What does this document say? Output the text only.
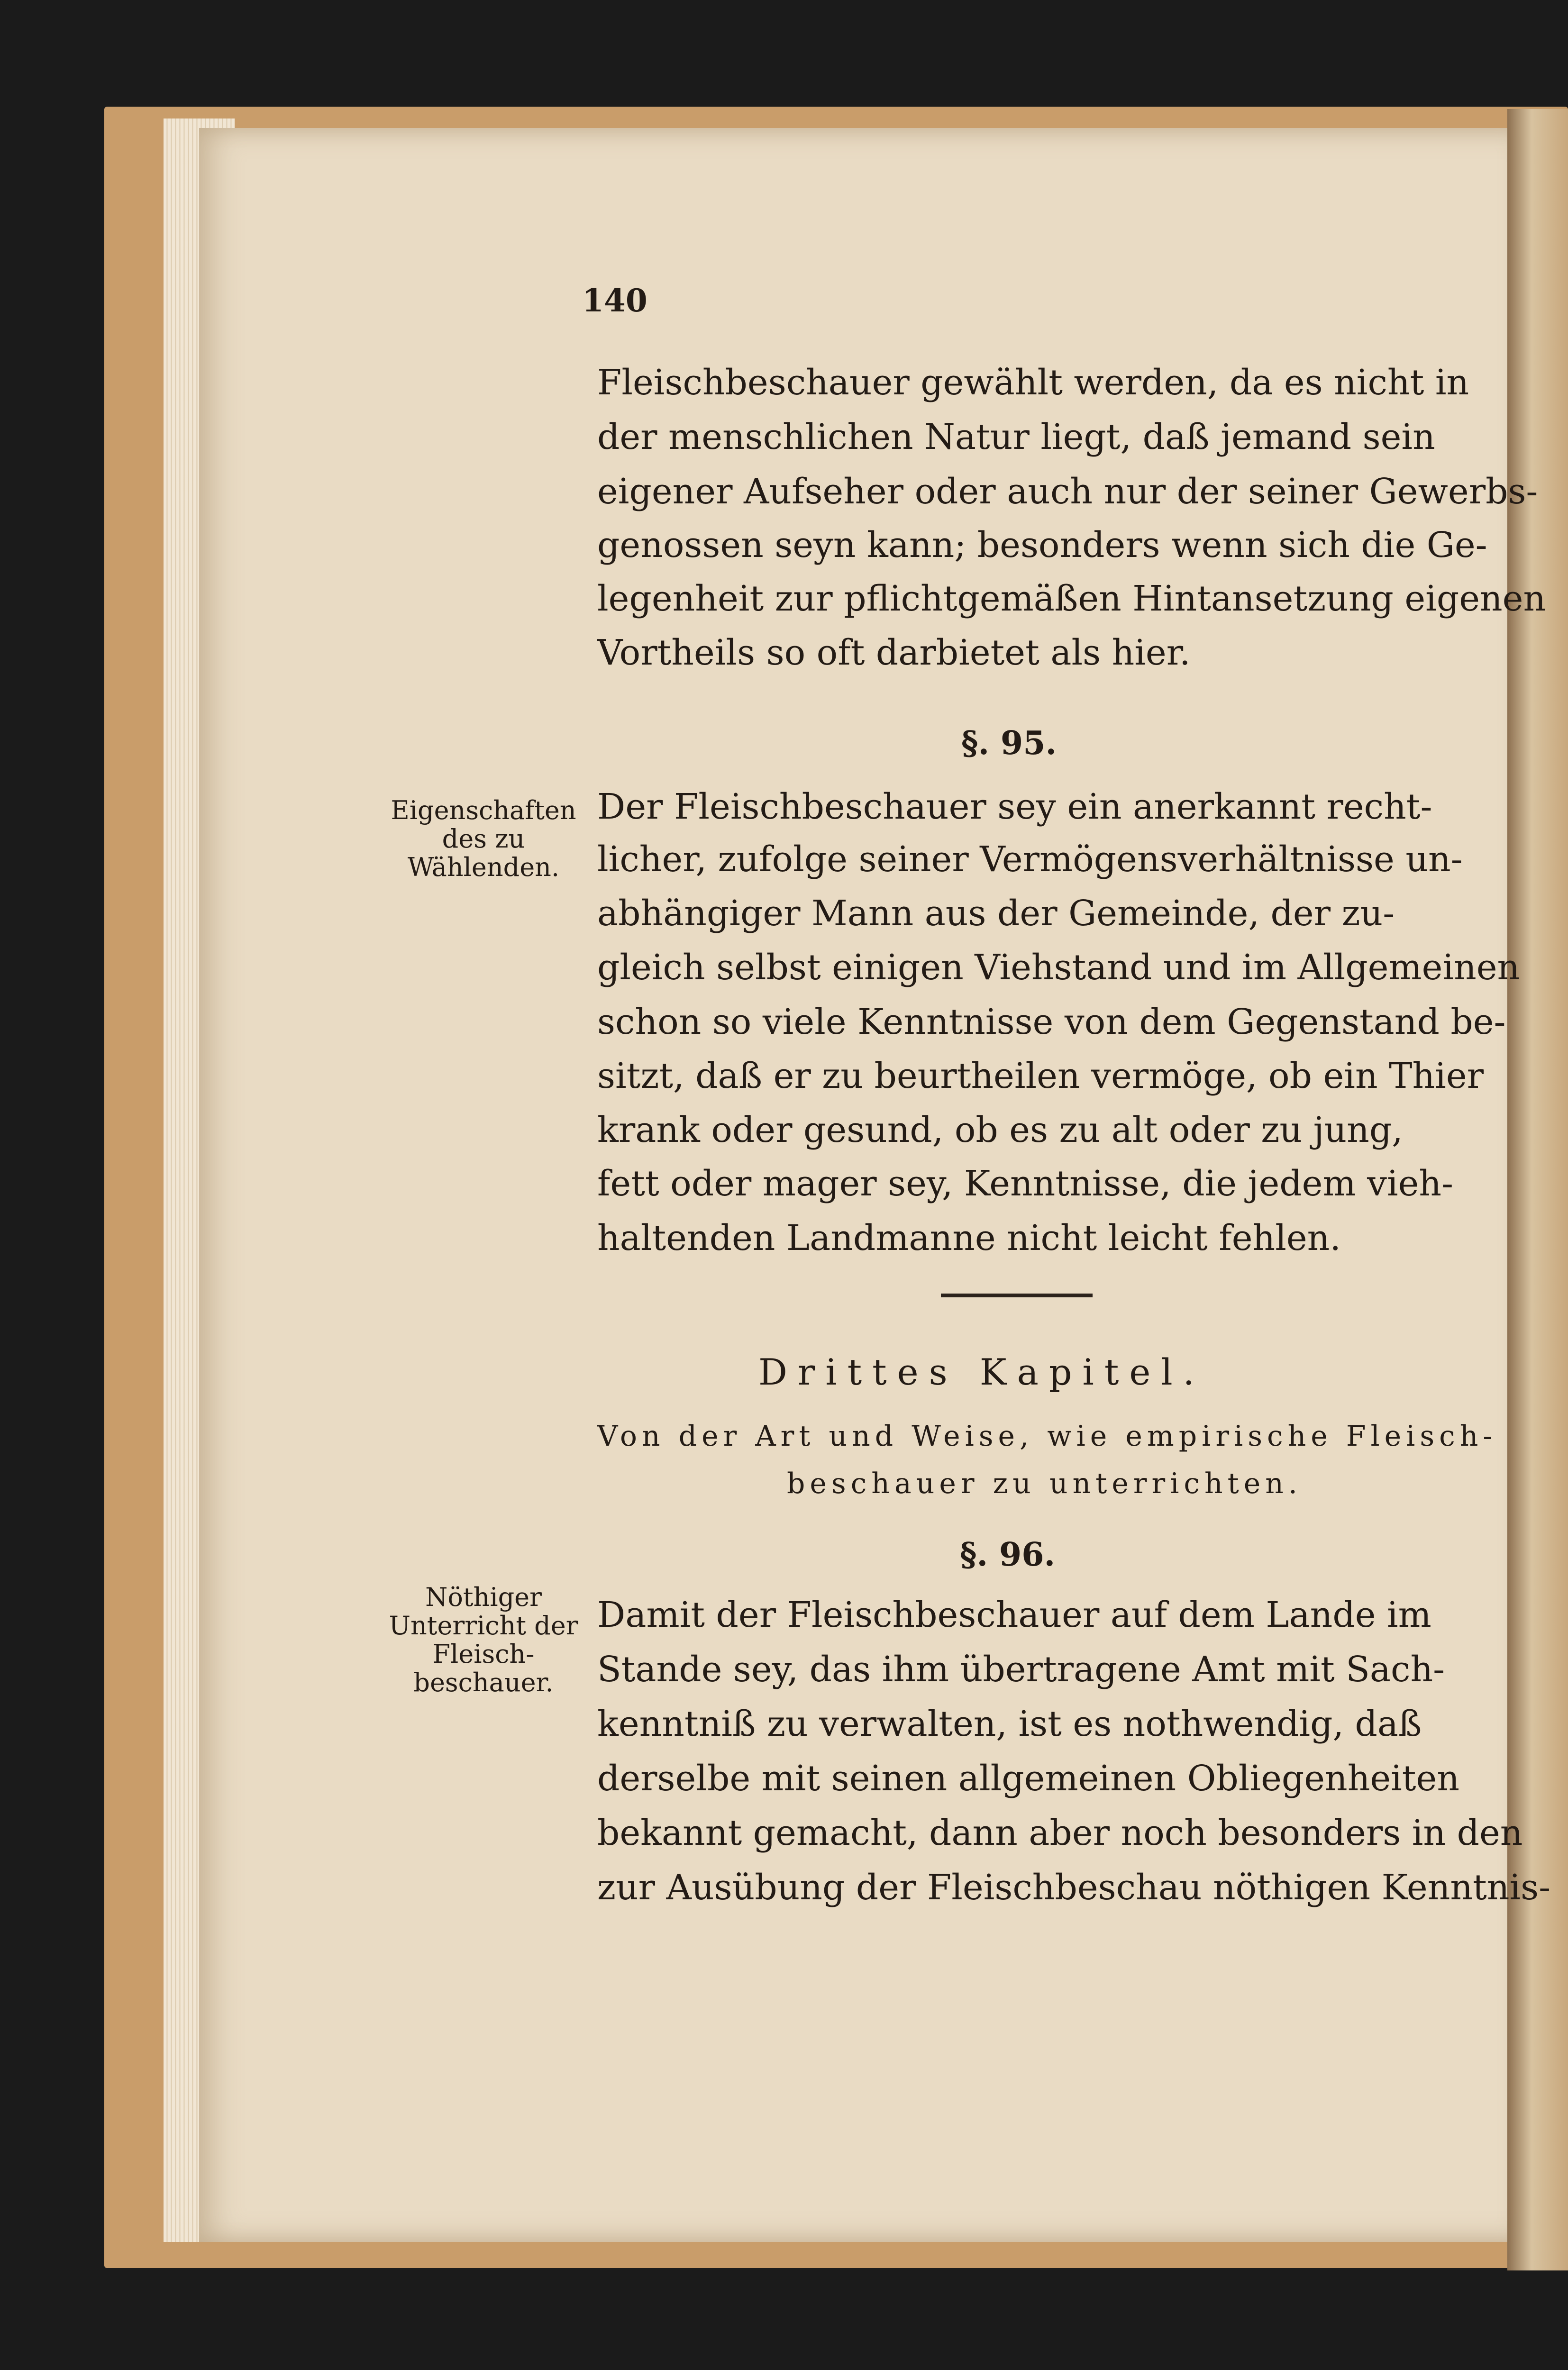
140
Fleischbeschauer gewählt werden, da es nicht in
der menschlichen Natur liegt, daß jemand sein
eigener Aufseher oder auch nur der seiner Gewerbs-
genossen seyn kann; besonders wenn sich die Ge-
legenheit zur pflichtgemäßen Hintansetzung eigenen
Vortheils so oft darbietet als hier.
§. 95.
Eigenschaften des zu Wählenden.
Der Fleischbeschauer sey ein anerkannt recht-
licher, zufolge seiner Vermögensverhältnisse un-
abhängiger Mann aus der Gemeinde, der zu-
gleich selbst einigen Viehstand und im Allgemeinen
schon so viele Kenntnisse von dem Gegenstand be-
sitzt, daß er zu beurtheilen vermöge, ob ein Thier
krank oder gesund, ob es zu alt oder zu jung,
fett oder mager sey, Kenntnisse, die jedem vieh-
haltenden Landmanne nicht leicht fehlen.
Drittes Kapitel.
Von der Art und Weise, wie empirische Fleisch-
beschauer zu unterrichten.
§. 96.
Nöthiger Unterricht der Fleisch-beschauer.
Damit der Fleischbeschauer auf dem Lande im
Stande sey, das ihm übertragene Amt mit Sach-
kenntniß zu verwalten, ist es nothwendig, daß
derselbe mit seinen allgemeinen Obliegenheiten
bekannt gemacht, dann aber noch besonders in den
zur Ausübung der Fleischbeschau nöthigen Kenntnis-
